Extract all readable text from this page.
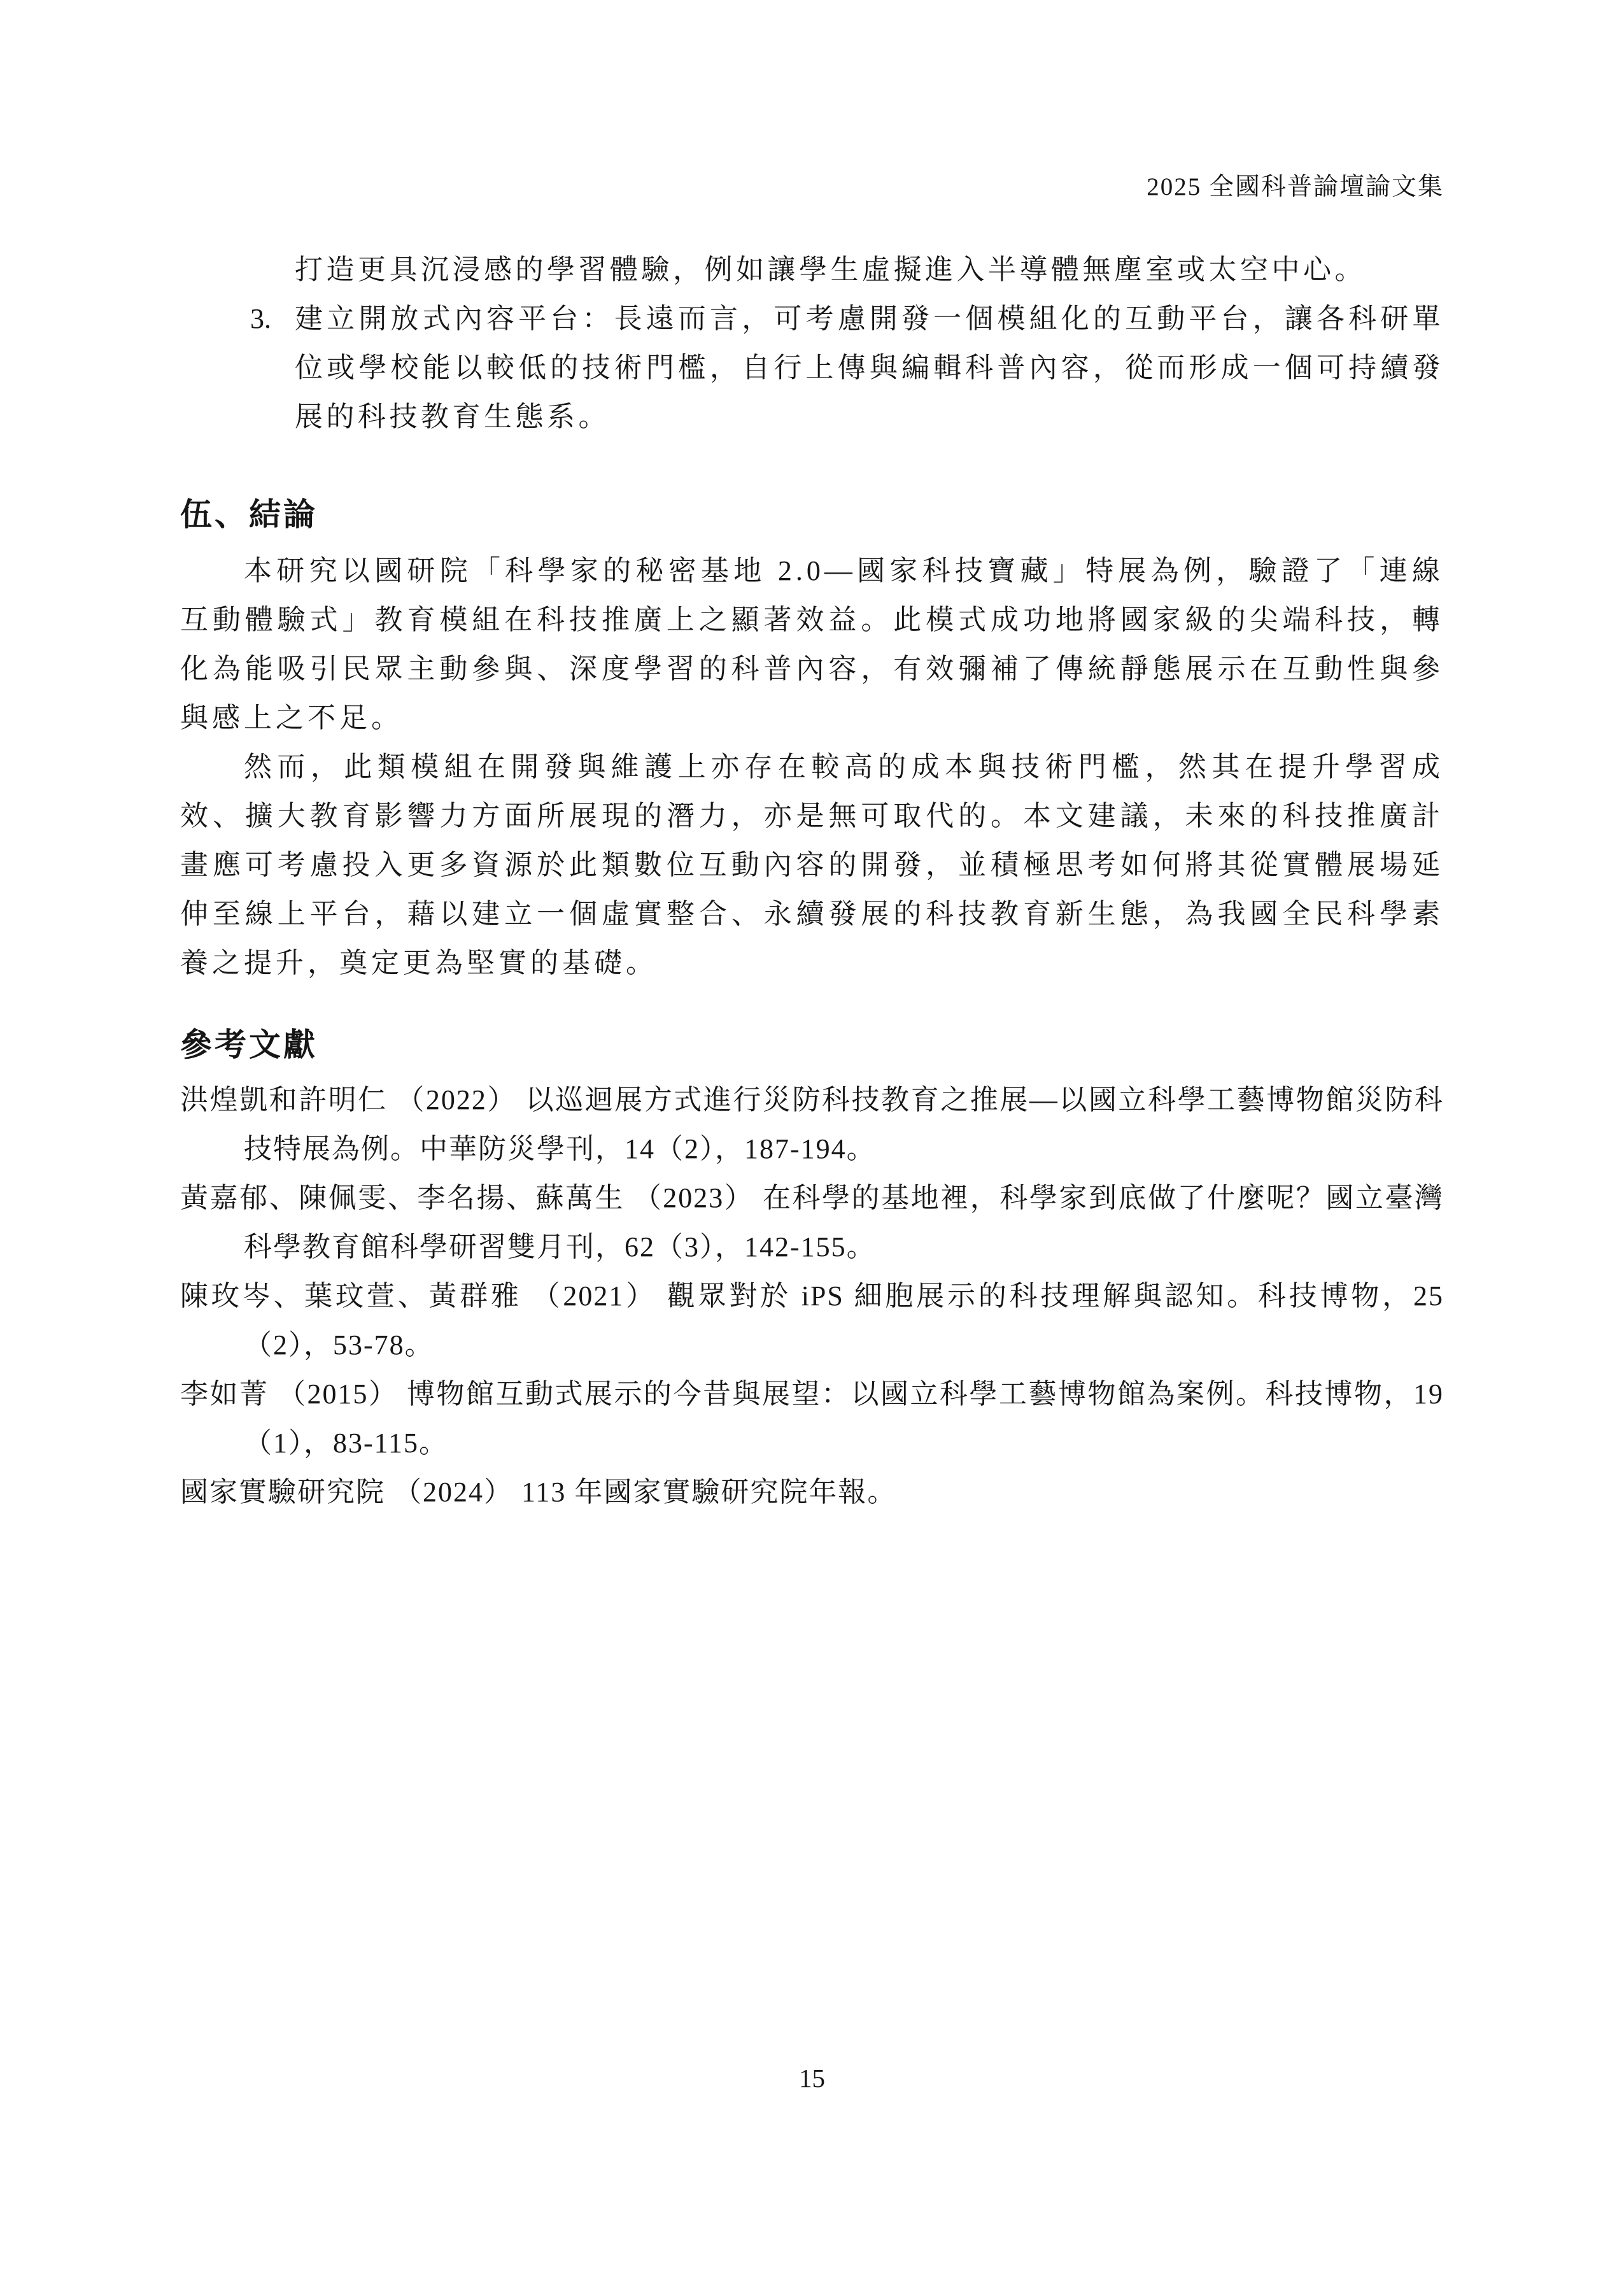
2025 全國科普論壇論文集
打造更具沉浸感的學習體驗，例如讓學生虛擬進入半導體無塵室或太空中心。
3. 建立開放式內容平台：長遠而言，可考慮開發一個模組化的互動平台，讓各科研單位或學校能以較低的技術門檻，自行上傳與編輯科普內容，從而形成一個可持續發展的科技教育生態系。
伍、結論

本研究以國研院「科學家的秘密基地 2.0—國家科技寶藏」特展為例，驗證了「連線互動體驗式」教育模組在科技推廣上之顯著效益。此模式成功地將國家級的尖端科技，轉化為能吸引民眾主動參與、深度學習的科普內容，有效彌補了傳統靜態展示在互動性與參與感上之不足。

然而，此類模組在開發與維護上亦存在較高的成本與技術門檻，然其在提升學習成效、擴大教育影響力方面所展現的潛力，亦是無可取代的。本文建議，未來的科技推廣計畫應可考慮投入更多資源於此類數位互動內容的開發，並積極思考如何將其從實體展場延伸至線上平台，藉以建立一個虛實整合、永續發展的科技教育新生態，為我國全民科學素養之提升，奠定更為堅實的基礎。

參考文獻
洪煌凱和許明仁 （2022） 以巡迴展方式進行災防科技教育之推展—以國立科學工藝博物館災防科技特展為例。中華防災學刊，14（2），187-194。
黃嘉郁、陳佩雯、李名揚、蘇萬生 （2023） 在科學的基地裡，科學家到底做了什麼呢？國立臺灣科學教育館科學研習雙月刊，62（3），142-155。
陳玫岑、葉玟萱、黃群雅 （2021） 觀眾對於 iPS 細胞展示的科技理解與認知。科技博物，25（2），53-78。
李如菁 （2015） 博物館互動式展示的今昔與展望：以國立科學工藝博物館為案例。科技博物，19（1），83-115。
國家實驗研究院 （2024） 113 年國家實驗研究院年報。
15
